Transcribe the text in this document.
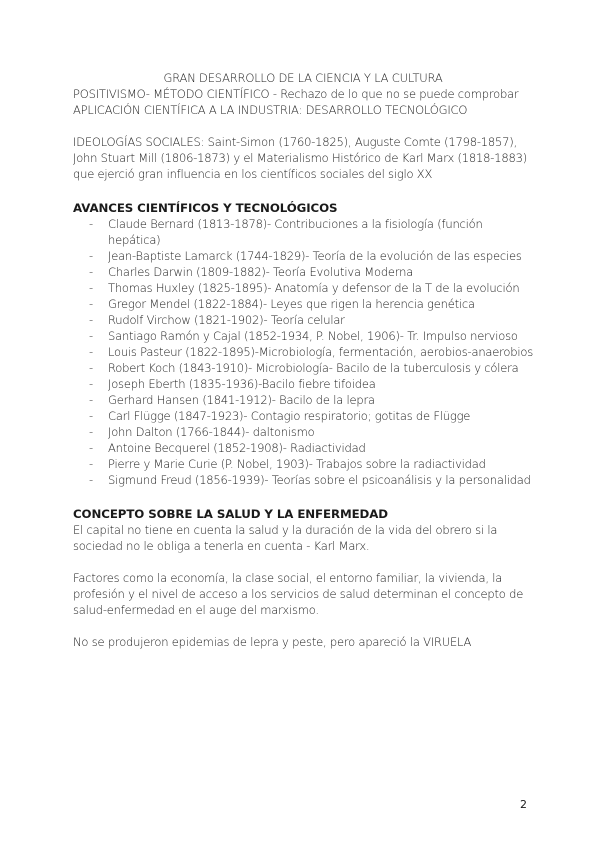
GRAN DESARROLLO DE LA CIENCIA Y LA CULTURA

POSITIVISMO- MÉTODO CIENTÍFICO - Rechazo de lo que no se puede comprobar

APLICACIÓN CIENTÍFICA A LA INDUSTRIA: DESARROLLO TECNOLÓGICO

IDEOLOGÍAS SOCIALES: Saint-Simon (1760-1825), Auguste Comte (1798-1857), John Stuart Mill (1806-1873) y el Materialismo Histórico de Karl Marx (1818-1883) que ejerció gran influencia en los científicos sociales del siglo XX

AVANCES CIENTÍFICOS Y TECNOLÓGICOS

- Claude Bernard (1813-1878)- Contribuciones a la fisiología (función hepática)
- Jean-Baptiste Lamarck (1744-1829)- Teoría de la evolución de las especies
- Charles Darwin (1809-1882)- Teoría Evolutiva Moderna
- Thomas Huxley (1825-1895)- Anatomía y defensor de la T de la evolución
- Gregor Mendel (1822-1884)- Leyes que rigen la herencia genética
- Rudolf Virchow (1821-1902)- Teoría celular
- Santiago Ramón y Cajal (1852-1934, P. Nobel, 1906)- Tr. Impulso nervioso
- Louis Pasteur (1822-1895)-Microbiología, fermentación, aerobios-anaerobios
- Robert Koch (1843-1910)- Microbiología- Bacilo de la tuberculosis y cólera
- Joseph Eberth (1835-1936)-Bacilo fiebre tifoidea
- Gerhard Hansen (1841-1912)- Bacilo de la lepra
- Carl Flügge (1847-1923)- Contagio respiratorio; gotitas de Flügge
- John Dalton (1766-1844)- daltonismo
- Antoine Becquerel (1852-1908)- Radiactividad
- Pierre y Marie Curie (P. Nobel, 1903)- Trabajos sobre la radiactividad
- Sigmund Freud (1856-1939)- Teorías sobre el psicoanálisis y la personalidad

CONCEPTO SOBRE LA SALUD Y LA ENFERMEDAD

El capital no tiene en cuenta la salud y la duración de la vida del obrero si la sociedad no le obliga a tenerla en cuenta - Karl Marx.

Factores como la economía, la clase social, el entorno familiar, la vivienda, la profesión y el nivel de acceso a los servicios de salud determinan el concepto de salud-enfermedad en el auge del marxismo.

No se produjeron epidemias de lepra y peste, pero apareció la VIRUELA

2
